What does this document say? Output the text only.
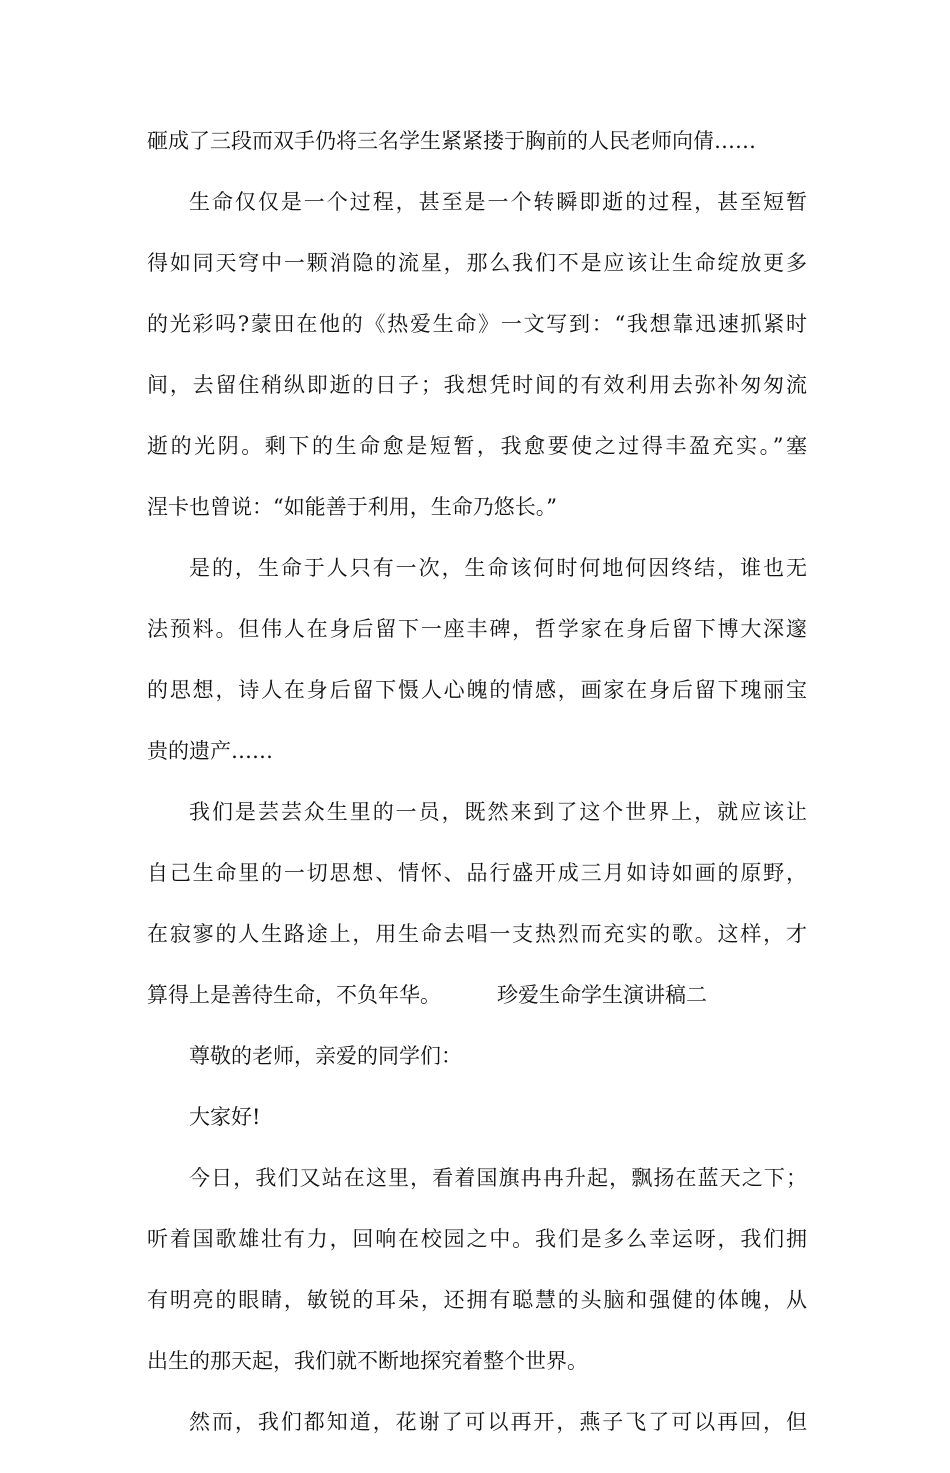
砸成了三段而双手仍将三名学生紧紧搂于胸前的人民老师向倩……
生命仅仅是一个过程，甚至是一个转瞬即逝的过程，甚至短暂
得如同天穹中一颗消隐的流星，那么我们不是应该让生命绽放更多
的光彩吗?蒙田在他的《热爱生命》一文写到：“我想靠迅速抓紧时
间，去留住稍纵即逝的日子；我想凭时间的有效利用去弥补匆匆流
逝的光阴。剩下的生命愈是短暂，我愈要使之过得丰盈充实。”塞
涅卡也曾说：“如能善于利用，生命乃悠长。”
是的，生命于人只有一次，生命该何时何地何因终结，谁也无
法预料。但伟人在身后留下一座丰碑，哲学家在身后留下博大深邃
的思想，诗人在身后留下慑人心魄的情感，画家在身后留下瑰丽宝
贵的遗产……
我们是芸芸众生里的一员，既然来到了这个世界上，就应该让
自己生命里的一切思想、情怀、品行盛开成三月如诗如画的原野，
在寂寥的人生路途上，用生命去唱一支热烈而充实的歌。这样，才
算得上是善待生命，不负年华。	珍爱生命学生演讲稿二
尊敬的老师，亲爱的同学们：
大家好!
今日，我们又站在这里，看着国旗冉冉升起，飘扬在蓝天之下；
听着国歌雄壮有力，回响在校园之中。我们是多么幸运呀，我们拥
有明亮的眼睛，敏锐的耳朵，还拥有聪慧的头脑和强健的体魄，从
出生的那天起，我们就不断地探究着整个世界。
然而，我们都知道，花谢了可以再开，燕子飞了可以再回，但
